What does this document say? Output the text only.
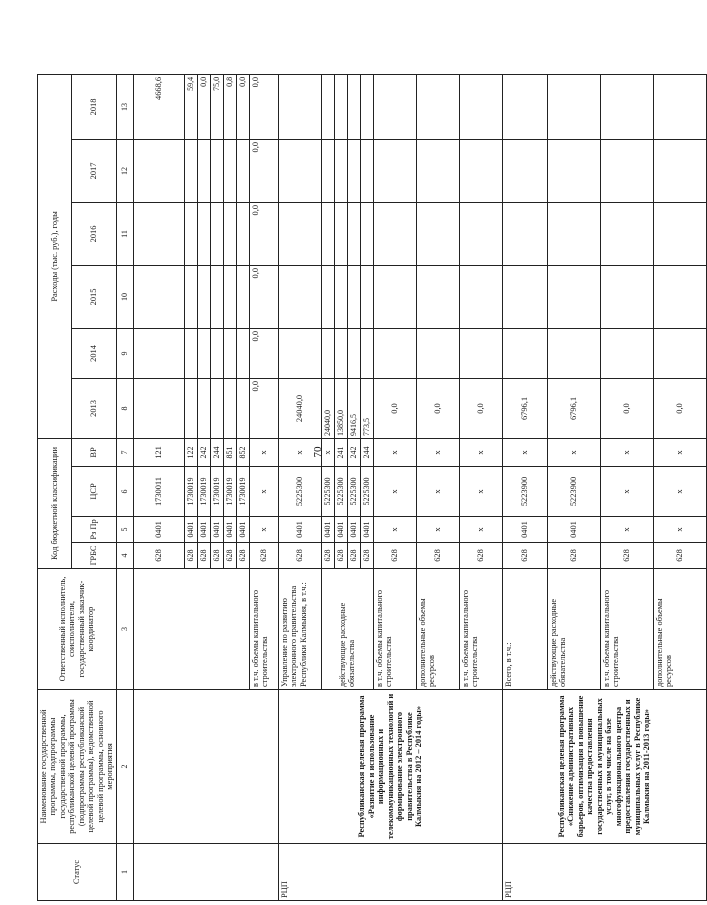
70
Статус	Наименование государственной программы, подпрограммы государственной программы, республиканской целевой программы (подпрограммы республиканской целевой программы), ведомственной целевой программы, основного мероприятия	Ответственный исполнитель, соисполнители, государственный заказчик-координатор	Код бюджетной классификации				Расходы (тыс. руб.), годы					
			ГРБС	Рз Пр	ЦСР	ВР	2013	2014	2015	2016	2017	2018
1	2	3	4	5	6	7	8	9	10	11	12	13
			628	0401	1730011	121						4668,6
			628	0401	1730019	122						59,4
			628	0401	1730019	242						0,0
			628	0401	1730019	244						75,0
			628	0401	1730019	851						0,8
			628	0401	1730019	852						0,0
		в т.ч. объемы капитального строительства	628	х	х	х	0,0	0,0	0,0	0,0	0,0	0,0
РЦП	Республиканская целевая программа «Развитие и использование информационных и телекоммуникационных технологий и формирование электронного правительства в Республике Калмыкия на 2012 – 2014 годы»	Управление по развитию электронного правительства Республики Калмыкия, в т.ч.:	628	0401	5225300	х	24040,0					
		действующие расходные обязательства	628	0401	5225300	х	24040,0					
			628	0401	5225300	241	13850,0					
			628	0401	5225300	242	9416,5					
			628	0401	5225300	244	773,5					
		в т.ч. объемы капитального строительства	628	х	х	х	0,0					
		дополнительные объемы ресурсов	628	х	х	х	0,0					
		в т.ч. объемы капитального строительства	628	х	х	х	0,0					
РЦП	Республиканская целевая программа «Снижение административных барьеров, оптимизация и повышение качества предоставления государственных и муниципальных услуг, в том числе на базе многофункционального центра предоставления государственных и муниципальных услуг в Республике Калмыкия на 2011-2013 годы»	Всего, в т.ч.:	628	0401	5223900	х	6796,1					
		действующие расходные обязательства	628	0401	5223900	х	6796,1					
		в т.ч. объемы капитального строительства	628	х	х	х	0,0					
		дополнительные объемы ресурсов	628	х	х	х	0,0					
